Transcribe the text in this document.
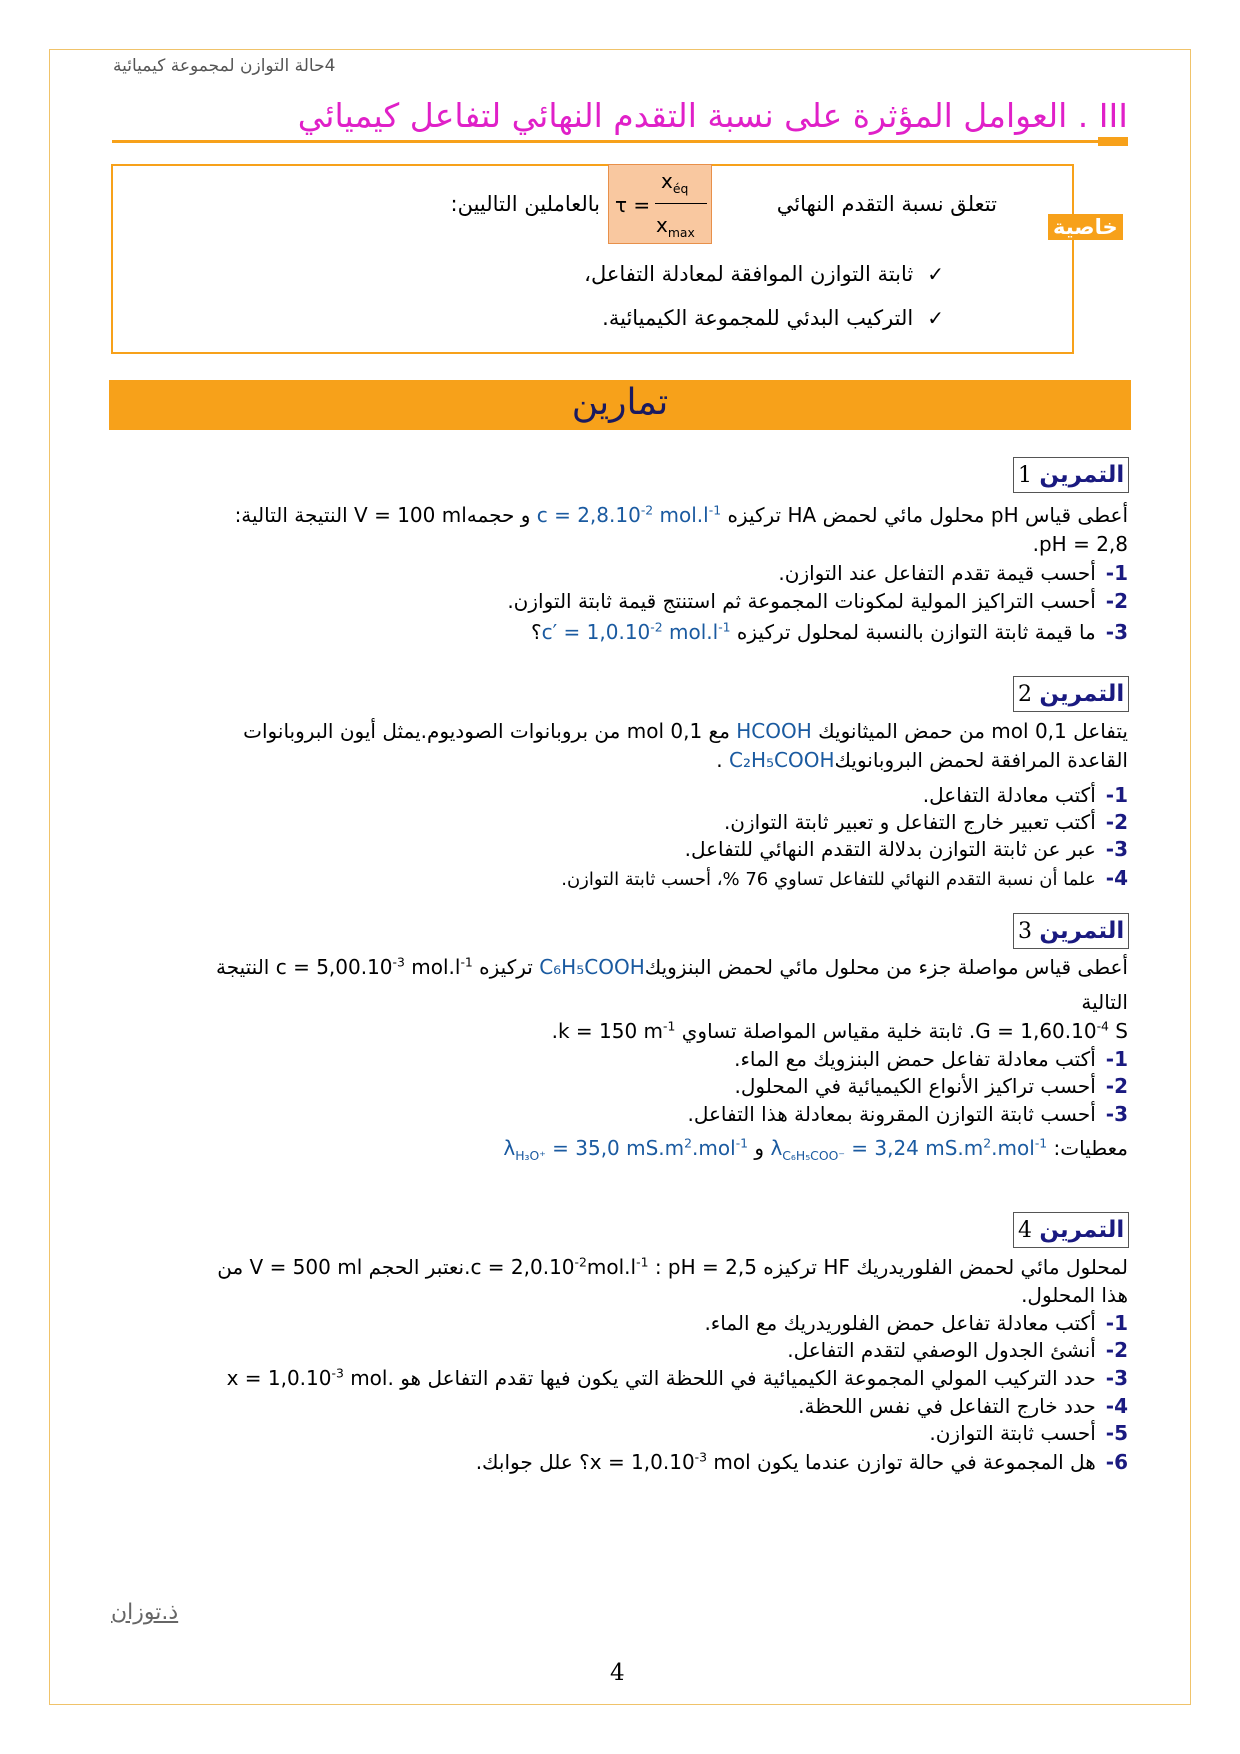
4حالة التوازن لمجموعة كيميائية
III . العوامل المؤثرة على نسبة التقدم النهائي لتفاعل كيميائي
خاصية
تتعلق نسبة التقدم النهائي
τ =
$x_{éq}$
$x_{max}$
بالعاملين التاليين:
✓ثابتة التوازن الموافقة لمعادلة التفاعل،
✓التركيب البدئي للمجموعة الكيميائية.
تمارين
1 التمرين
أعطى قياس pH محلول مائي لحمض HA تركيزه $c = 2,8.10^{-2}$ $mol.l^{-1}$ و حجمهV = 100 ml النتيجة التالية:
pH = 2,8.
1-أحسب قيمة تقدم التفاعل عند التوازن.
2-أحسب التراكيز المولية لمكونات المجموعة ثم استنتج قيمة ثابتة التوازن.
3-ما قيمة ثابتة التوازن بالنسبة لمحلول تركيزه $c' = 1,0.10^{-2}$ $mol.l^{-1}؟$
2 التمرين
يتفاعل 0,1 mol من حمض الميثانويك HCOOH مع 0,1 mol من بروبانوات الصوديوم.يمثل أيون البروبانوات
القاعدة المرافقة لحمض البروبانويكC₂H₅COOH .
1-أكتب معادلة التفاعل.
2-أكتب تعبير خارج التفاعل و تعبير ثابتة التوازن.
3-عبر عن ثابتة التوازن بدلالة التقدم النهائي للتفاعل.
4-علما أن نسبة التقدم النهائي للتفاعل تساوي 76 %، أحسب ثابتة التوازن.
3 التمرين
أعطى قياس مواصلة جزء من محلول مائي لحمض البنزويكC₆H₅COOH تركيزه $c = 5,00.10^{-3}$ $mol.l^{-1}$ النتيجة
التالية
$G = 1,60.10^{-4}$ S. ثابتة خلية مقياس المواصلة تساوي k = 150 $m^{-1}$.
1-أكتب معادلة تفاعل حمض البنزويك مع الماء.
2-أحسب تراكيز الأنواع الكيميائية في المحلول.
3-أحسب ثابتة التوازن المقرونة بمعادلة هذا التفاعل.
معطيات: $\lambda_{C_6H_5COO^-} = 3,24$ $mS.m^2.mol^{-1}$ و $\lambda_{H_3O^+} = 35,0$ $mS.m^2.mol^{-1}$
4 التمرين
لمحلول مائي لحمض الفلوريدريك HF تركيزه $c = 2,0.10^{-2}mol.l^{-1}$ : pH = 2,5.نعتبر الحجم V = 500 ml من
هذا المحلول.
1-أكتب معادلة تفاعل حمض الفلوريدريك مع الماء.
2-أنشئ الجدول الوصفي لتقدم التفاعل.
3-حدد التركيب المولي المجموعة الكيميائية في اللحظة التي يكون فيها تقدم التفاعل هو $x = 1,0.10^{-3}$ mol.
4-حدد خارج التفاعل في نفس اللحظة.
5-أحسب ثابتة التوازن.
6-هل المجموعة في حالة توازن عندما يكون $x = 1,0.10^{-3}$ mol؟ علل جوابك.
ذ.توزان
4
